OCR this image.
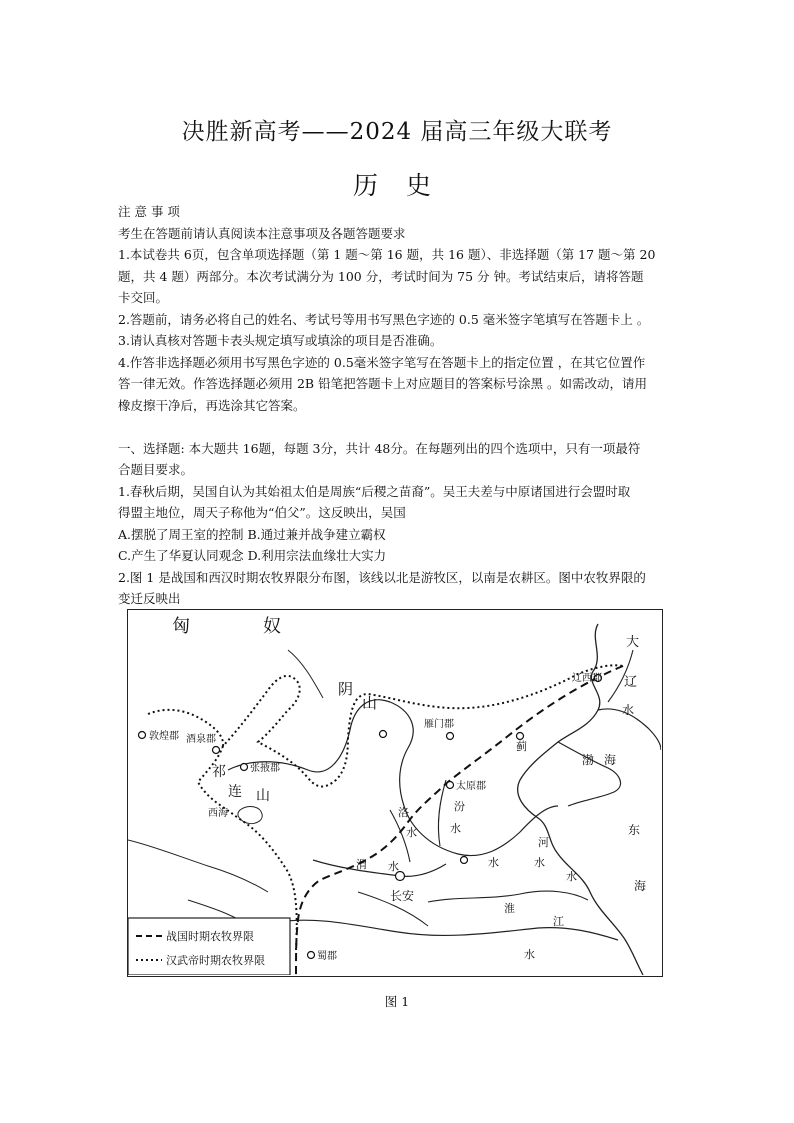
决胜新高考——2024 届高三年级大联考
历 史

注 意 事 项

考生在答题前请认真阅读本注意事项及各题答题要求

1.本试卷共 6页，包含单项选择题（第 1 题～第 16 题，共 16 题）、非选择题（第 17 题～第 20

题，共 4 题）两部分。本次考试满分为 100 分，考试时间为 75 分 钟。考试结束后，请将答题

卡交回。

2.答题前，请务必将自己的姓名、考试号等用书写黑色字迹的 0.5 毫米签字笔填写在答题卡上 。

3.请认真核对答题卡表头规定填写或填涂的项目是否准确。

4.作答非选择题必须用书写黑色字迹的 0.5毫米签字笔写在答题卡上的指定位置 ，在其它位置作

答一律无效。作答选择题必须用 2B 铅笔把答题卡上对应题目的答案标号涂黑 。如需改动，请用

橡皮擦干净后，再选涂其它答案。

一、选择题: 本大题共 16题，每题 3分，共计 48分。在每题列出的四个选项中，只有一项最符

合题目要求。

1.春秋后期，吴国自认为其始祖太伯是周族“后稷之苗裔”。吴王夫差与中原诸国进行会盟时取

得盟主地位，周天子称他为“伯父”。这反映出，吴国

A.摆脱了周王室的控制 B.通过兼并战争建立霸权

C.产生了华夏认同观念 D.利用宗法血缘壮大实力

2.图 1 是战国和西汉时期农牧界限分布图，该线以北是游牧区，以南是农耕区。图中农牧界限的

变迁反映出

匈	奴
阴
山
敦煌郡 酒泉郡
祁
连 山
张掖郡
西海
雁门郡
蓟
太原郡
汾
水
洛
水
渭 水
长安
河
水
水
淮
水
江
水
蜀郡
辽西郡
大
辽
水
渤 海
东
海
战国时期农牧界限
汉武帝时期农牧界限
图 1
